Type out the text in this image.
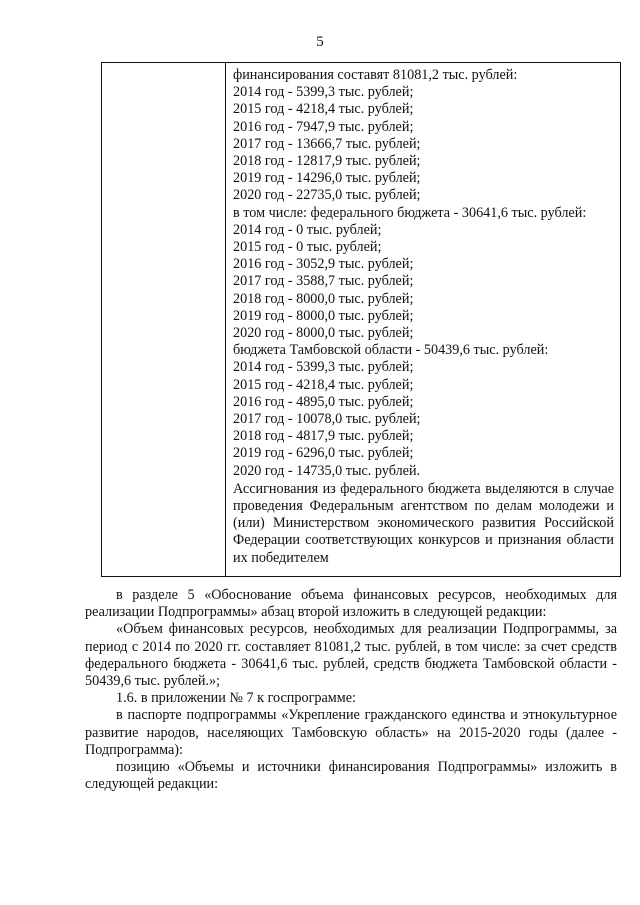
5
финансирования составят 81081,2 тыс. рублей:
2014 год - 5399,3 тыс. рублей;
2015 год - 4218,4 тыс. рублей;
2016 год - 7947,9 тыс. рублей;
2017 год - 13666,7 тыс. рублей;
2018 год - 12817,9 тыс. рублей;
2019 год - 14296,0 тыс. рублей;
2020 год - 22735,0 тыс. рублей;
в том числе: федерального бюджета - 30641,6 тыс. рублей:
2014 год - 0 тыс. рублей;
2015 год - 0 тыс. рублей;
2016 год - 3052,9 тыс. рублей;
2017 год - 3588,7 тыс. рублей;
2018 год - 8000,0 тыс. рублей;
2019 год - 8000,0 тыс. рублей;
2020 год - 8000,0 тыс. рублей;
бюджета Тамбовской области - 50439,6 тыс. рублей:
2014 год - 5399,3 тыс. рублей;
2015 год - 4218,4 тыс. рублей;
2016 год - 4895,0 тыс. рублей;
2017 год - 10078,0 тыс. рублей;
2018 год - 4817,9 тыс. рублей;
2019 год - 6296,0 тыс. рублей;
2020 год - 14735,0 тыс. рублей.
Ассигнования из федерального бюджета выделяются в случае проведения Федеральным агентством по делам молодежи и (или) Министерством экономического развития Российской Федерации соответствующих конкурсов и признания области их победителем

в разделе 5 «Обоснование объема финансовых ресурсов, необходимых для реализации Подпрограммы» абзац второй изложить в следующей редакции:

«Объем финансовых ресурсов, необходимых для реализации Подпрограммы, за период с 2014 по 2020 гг. составляет 81081,2 тыс. рублей, в том числе: за счет средств федерального бюджета - 30641,6 тыс. рублей, средств бюджета Тамбовской области - 50439,6 тыс. рублей.»;

1.6. в приложении № 7 к госпрограмме:

в паспорте подпрограммы «Укрепление гражданского единства и этнокультурное развитие народов, населяющих Тамбовскую область» на 2015-2020 годы (далее - Подпрограмма):

позицию «Объемы и источники финансирования Подпрограммы» изложить в следующей редакции:
